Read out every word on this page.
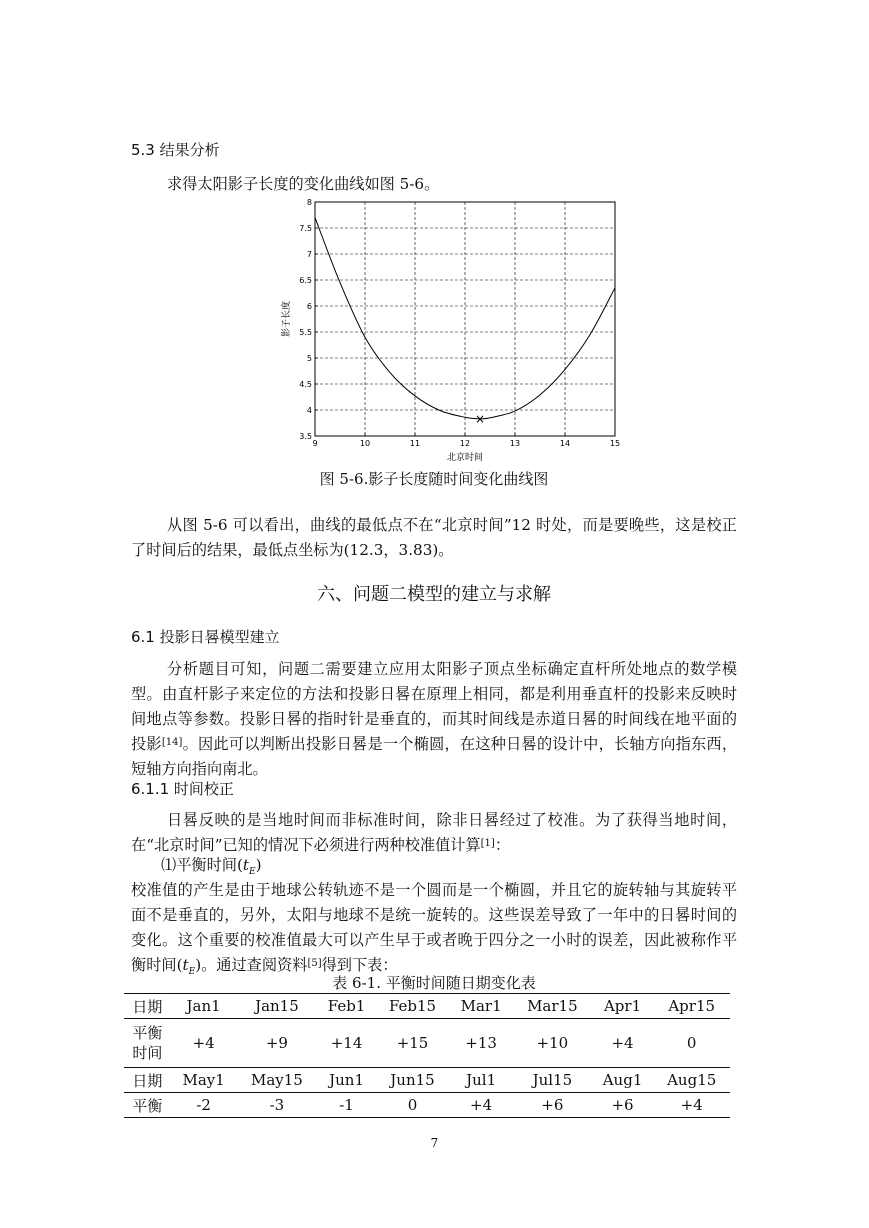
5.3 结果分析
求得太阳影子长度的变化曲线如图 5-6。
9	10	11	12	13	14	15
3.5
4
4.5
5
5.5
6
6.5
7
7.5
8
×
北京时间
影子长度
图 5-6.影子长度随时间变化曲线图
从图 5-6 可以看出，曲线的最低点不在“北京时间”12 时处，而是要晚些，这是校正了时间后的结果，最低点坐标为(12.3，3.83)。
六、问题二模型的建立与求解
6.1 投影日晷模型建立
分析题目可知，问题二需要建立应用太阳影子顶点坐标确定直杆所处地点的数学模型。由直杆影子来定位的方法和投影日晷在原理上相同，都是利用垂直杆的投影来反映时间地点等参数。投影日晷的指时针是垂直的，而其时间线是赤道日晷的时间线在地平面的投影[14]。因此可以判断出投影日晷是一个椭圆，在这种日晷的设计中，长轴方向指东西，短轴方向指向南北。
6.1.1 时间校正
日晷反映的是当地时间而非标准时间，除非日晷经过了校准。为了获得当地时间，在“北京时间”已知的情况下必须进行两种校准值计算[1]：
⑴平衡时间$(t_E)$
校准值的产生是由于地球公转轨迹不是一个圆而是一个椭圆，并且它的旋转轴与其旋转平面不是垂直的，另外，太阳与地球不是统一旋转的。这些误差导致了一年中的日晷时间的变化。这个重要的校准值最大可以产生早于或者晚于四分之一小时的误差，因此被称作平衡时间$(t_E)$。通过查阅资料[5]得到下表：
表 6-1. 平衡时间随日期变化表
日期	Jan1	Jan15	Feb1	Feb15	Mar1	Mar15	Apr1	Apr15
平衡
时间	+4	+9	+14	+15	+13	+10	+4	0
日期	May1	May15	Jun1	Jun15	Jul1	Jul15	Aug1	Aug15
平衡	-2	-3	-1	0	+4	+6	+6	+4
7
